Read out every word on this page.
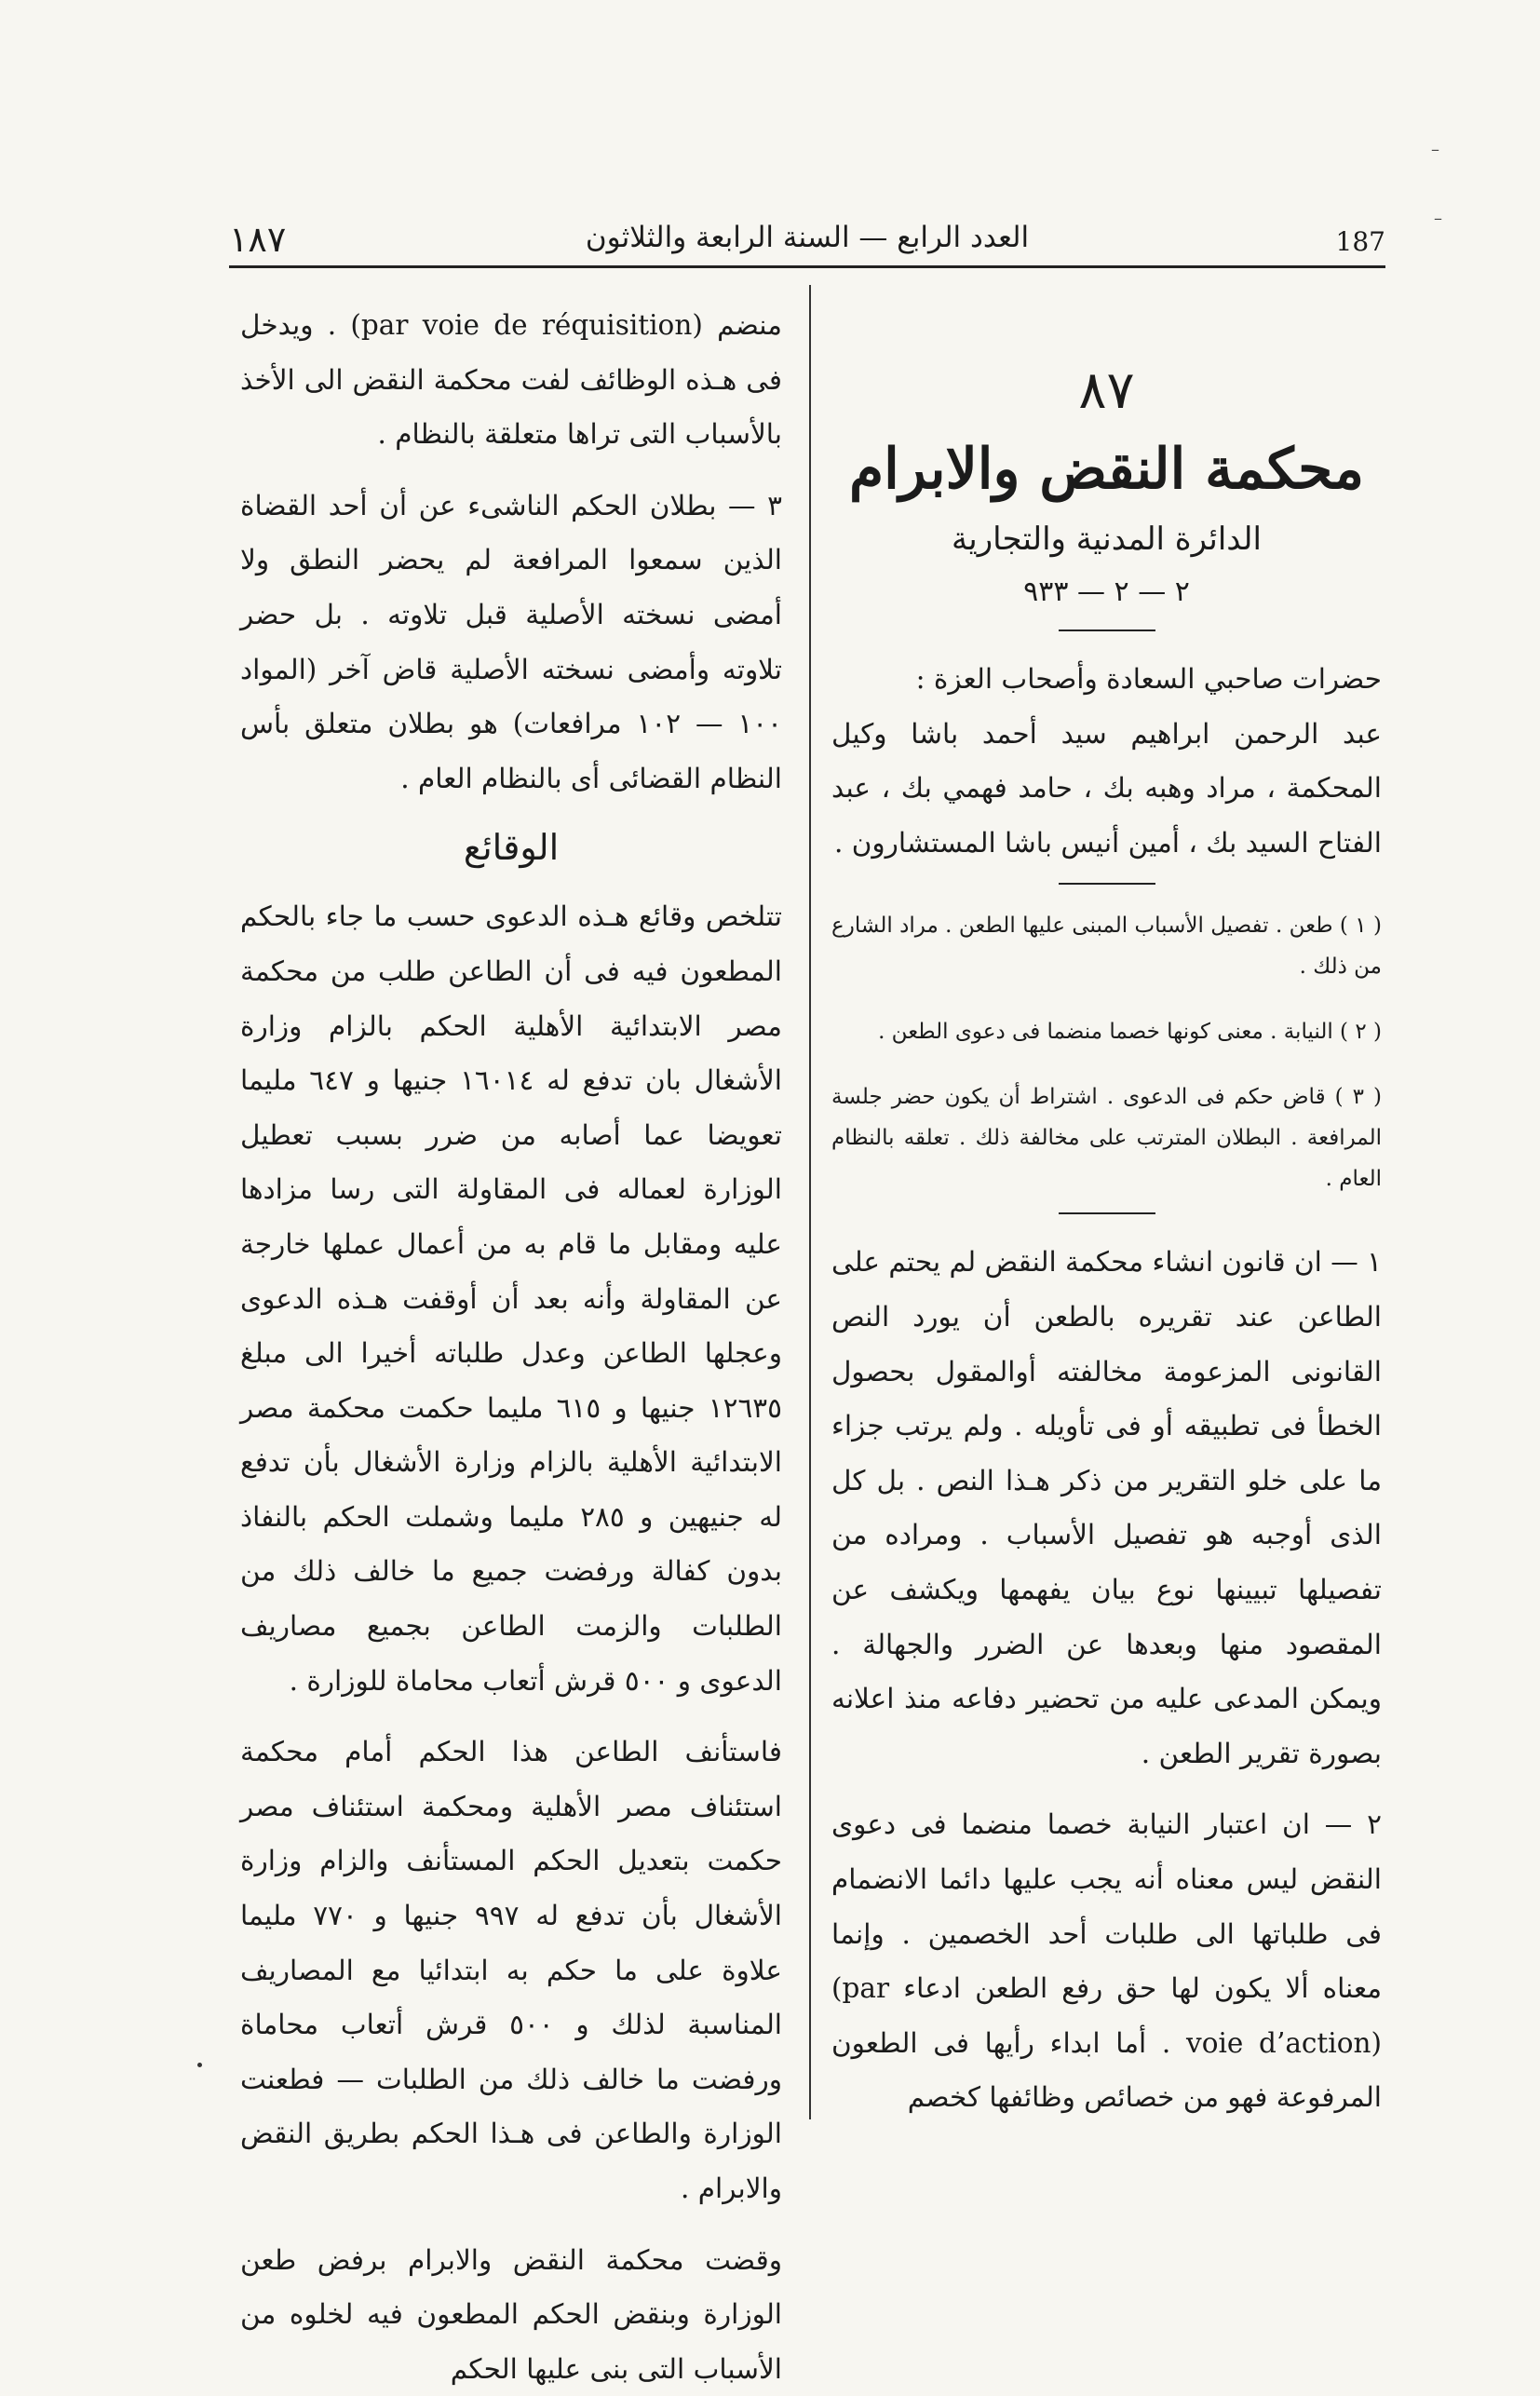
١٨٧	العدد الرابع — السنة الرابعة والثلاثون	187

٨٧

محكمة النقض والابرام

الدائرة المدنية والتجارية

٢ — ٢ — ٩٣٣

حضرات صاحبي السعادة وأصحاب العزة :

عبد الرحمن ابراهيم سيد أحمد باشا وكيل المحكمة ، مراد وهبه بك ، حامد فهمي بك ، عبد الفتاح السيد بك ، أمين أنيس باشا المستشارون .

( ١ ) طعن . تفصيل الأسباب المبنى عليها الطعن . مراد الشارع من ذلك .

( ٢ ) النيابة . معنى كونها خصما منضما فى دعوى الطعن .

( ٣ ) قاض حكم فى الدعوى . اشتراط أن يكون حضر جلسة المرافعة . البطلان المترتب على مخالفة ذلك . تعلقه بالنظام العام .

١ — ان قانون انشاء محكمة النقض لم يحتم على الطاعن عند تقريره بالطعن أن يورد النص القانونى المزعومة مخالفته أوالمقول بحصول الخطأ فى تطبيقه أو فى تأويله . ولم يرتب جزاء ما على خلو التقرير من ذكر هـذا النص . بل كل الذى أوجبه هو تفصيل الأسباب . ومراده من تفصيلها تبيينها نوع بيان يفهمها ويكشف عن المقصود منها وبعدها عن الضرر والجهالة . ويمكن المدعى عليه من تحضير دفاعه منذ اعلانه بصورة تقرير الطعن .

٢ — ان اعتبار النيابة خصما منضما فى دعوى النقض ليس معناه أنه يجب عليها دائما الانضمام فى طلباتها الى طلبات أحد الخصمين . وإنما معناه ألا يكون لها حق رفع الطعن ادعاء (par voie d’action) . أما ابداء رأيها فى الطعون المرفوعة فهو من خصائص وظائفها كخصم

منضم (par voie de réquisition) . ويدخل فى هـذه الوظائف لفت محكمة النقض الى الأخذ بالأسباب التى تراها متعلقة بالنظام .

٣ — بطلان الحكم الناشىء عن أن أحد القضاة الذين سمعوا المرافعة لم يحضر النطق ولا أمضى نسخته الأصلية قبل تلاوته . بل حضر تلاوته وأمضى نسخته الأصلية قاض آخر (المواد ١٠٠ — ١٠٢ مرافعات) هو بطلان متعلق بأس النظام القضائى أى بالنظام العام .

الوقائع

تتلخص وقائع هـذه الدعوى حسب ما جاء بالحكم المطعون فيه فى أن الطاعن طلب من محكمة مصر الابتدائية الأهلية الحكم بالزام وزارة الأشغال بان تدفع له ١٦٠١٤ جنيها و ٦٤٧ مليما تعويضا عما أصابه من ضرر بسبب تعطيل الوزارة لعماله فى المقاولة التى رسا مزادها عليه ومقابل ما قام به من أعمال عملها خارجة عن المقاولة وأنه بعد أن أوقفت هـذه الدعوى وعجلها الطاعن وعدل طلباته أخيرا الى مبلغ ١٢٦٣٥ جنيها و ٦١٥ مليما حكمت محكمة مصر الابتدائية الأهلية بالزام وزارة الأشغال بأن تدفع له جنيهين و ٢٨٥ مليما وشملت الحكم بالنفاذ بدون كفالة ورفضت جميع ما خالف ذلك من الطلبات والزمت الطاعن بجميع مصاريف الدعوى و ٥٠٠ قرش أتعاب محاماة للوزارة .

فاستأنف الطاعن هذا الحكم أمام محكمة استئناف مصر الأهلية ومحكمة استئناف مصر حكمت بتعديل الحكم المستأنف والزام وزارة الأشغال بأن تدفع له ٩٩٧ جنيها و ٧٧٠ مليما علاوة على ما حكم به ابتدائيا مع المصاريف المناسبة لذلك و ٥٠٠ قرش أتعاب محاماة ورفضت ما خالف ذلك من الطلبات — فطعنت الوزارة والطاعن فى هـذا الحكم بطريق النقض والابرام .

وقضت محكمة النقض والابرام برفض طعن الوزارة وبنقض الحكم المطعون فيه لخلوه من الأسباب التى بنى عليها الحكم

–
–
